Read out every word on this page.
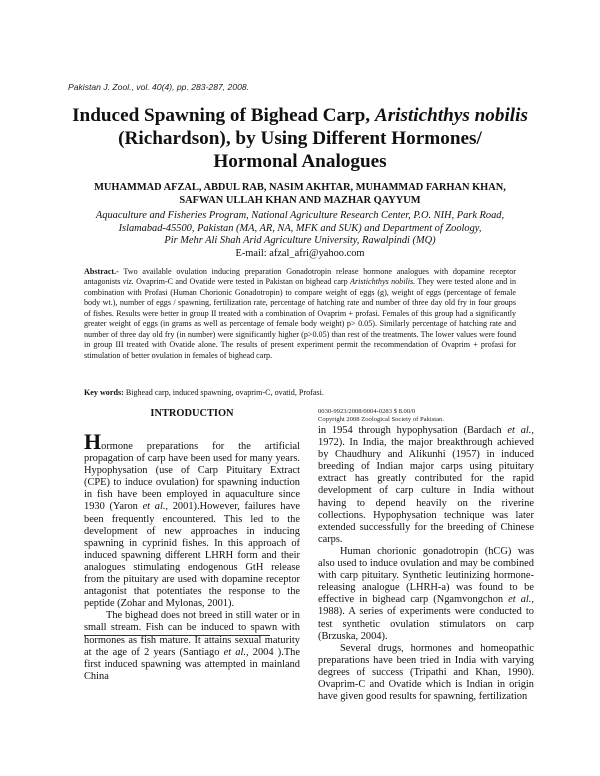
Pakistan J. Zool., vol. 40(4), pp. 283-287, 2008.
Induced Spawning of Bighead Carp, Aristichthys nobilis
(Richardson), by Using Different Hormones/
Hormonal Analogues
MUHAMMAD AFZAL, ABDUL RAB, NASIM AKHTAR, MUHAMMAD FARHAN KHAN,
SAFWAN ULLAH KHAN AND MAZHAR QAYYUM
Aquaculture and Fisheries Program, National Agriculture Research Center, P.O. NIH, Park Road,
Islamabad-45500, Pakistan (MA, AR, NA, MFK and SUK) and Department of Zoology,
Pir Mehr Ali Shah Arid Agriculture University, Rawalpindi (MQ)
E-mail: afzal_afri@yahoo.com
Abstract.- Two available ovulation inducing preparation Gonadotropin release hormone analogues with dopamine receptor antagonists viz. Ovaprim-C and Ovatide were tested in Pakistan on bighead carp Aristichthys nobilis. They were tested alone and in combination with Profasi (Human Chorionic Gonadotropin) to compare weight of eggs (g), weight of eggs (percentage of female body wt.), number of eggs / spawning, fertilization rate, percentage of hatching rate and number of three day old fry in four groups of fishes. Results were better in group II treated with a combination of Ovaprim + profasi. Females of this group had a significantly greater weight of eggs (in grams as well as percentage of female body weight) p> 0.05). Similarly percentage of hatching rate and number of three day old fry (in number) were significantly higher (p>0.05) than rest of the treatments. The lower values were found in group III treated with Ovatide alone. The results of present experiment permit the recommendation of Ovaprim + profasi for stimulation of better ovulation in females of bighead carp.
Key words: Bighead carp, induced spawning, ovaprim-C, ovatid, Profasi.
INTRODUCTION

Hormone preparations for the artificial propagation of carp have been used for many years. Hypophysation (use of Carp Pituitary Extract (CPE) to induce ovulation) for spawning induction in fish have been employed in aquaculture since 1930 (Yaron et al., 2001).However, failures have been frequently encountered. This led to the development of new approaches in inducing spawning in cyprinid fishes. In this approach of induced spawning different LHRH form and their analogues stimulating endogenous GtH release from the pituitary are used with dopamine receptor antagonist that potentiates the response to the peptide (Zohar and Mylonas, 2001).

The bighead does not breed in still water or in small stream. Fish can be induced to spawn with hormones as fish mature. It attains sexual maturity at the age of 2 years (Santiago et al., 2004 ).The first induced spawning was attempted in mainland China

0030-9923/2008/0004-0283 $ 8.00/0
Copyright 2008 Zoological Society of Pakistan.

in 1954 through hypophysation (Bardach et al., 1972). In India, the major breakthrough achieved by Chaudhury and Alikunhi (1957) in induced breeding of Indian major carps using pituitary extract has greatly contributed for the rapid development of carp culture in India without having to depend heavily on the riverine collections. Hypophysation technique was later extended successfully for the breeding of Chinese carps.

Human chorionic gonadotropin (hCG) was also used to induce ovulation and may be combined with carp pituitary. Synthetic leutinizing hormone-releasing analogue (LHRH-a) was found to be effective in bighead carp (Ngamvongchon et al., 1988). A series of experiments were conducted to test synthetic ovulation stimulators on carp (Brzuska, 2004).

Several drugs, hormones and homeopathic preparations have been tried in India with varying degrees of success (Tripathi and Khan, 1990). Ovaprim-C and Ovatide which is Indian in origin have given good results for spawning, fertilization
